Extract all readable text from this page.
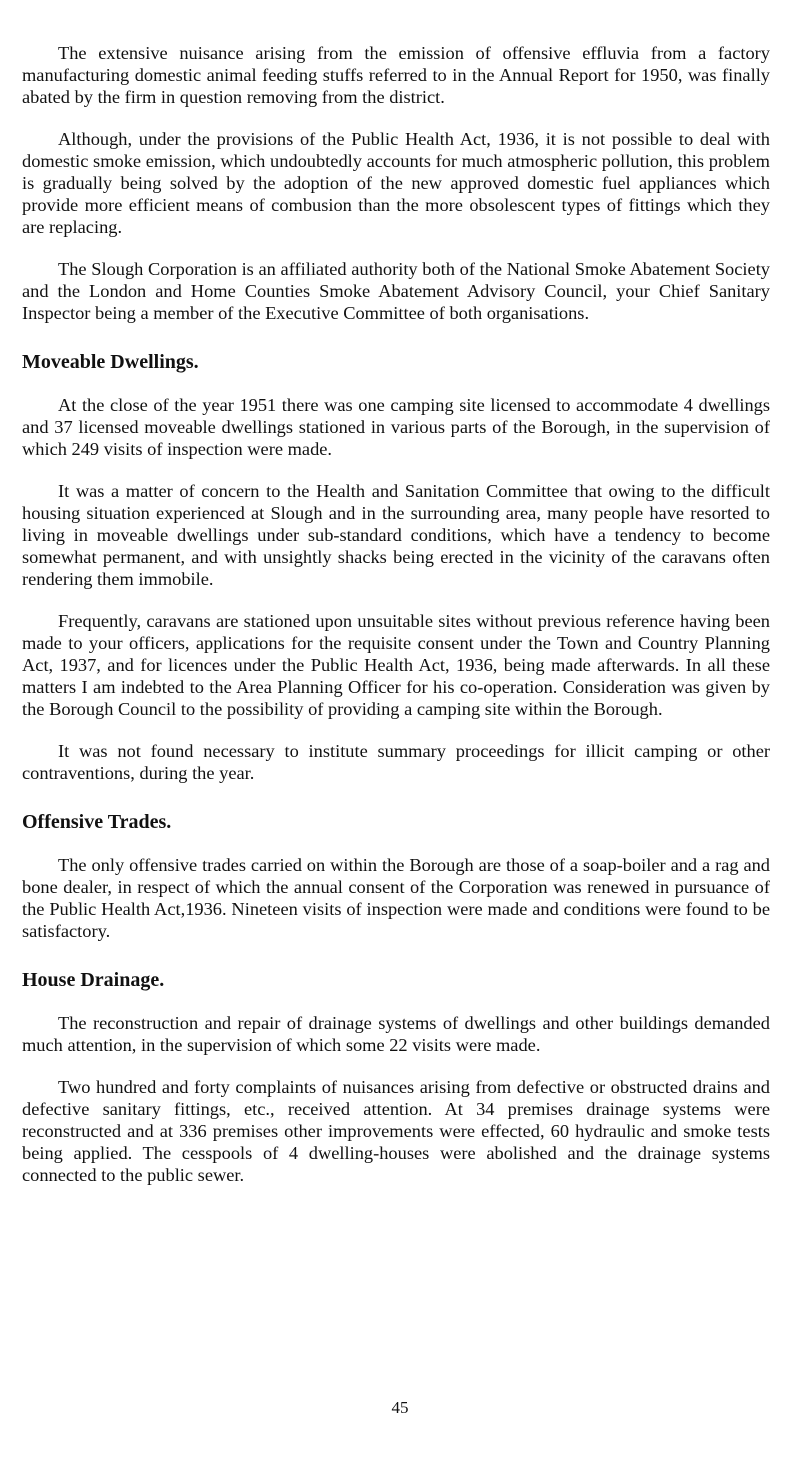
The extensive nuisance arising from the emission of offensive effluvia from a factory manufacturing domestic animal feeding stuffs referred to in the Annual Report for 1950, was finally abated by the firm in question removing from the district.

Although, under the provisions of the Public Health Act, 1936, it is not possible to deal with domestic smoke emission, which undoubtedly accounts for much atmospheric pollution, this problem is gradually being solved by the adoption of the new approved domestic fuel appliances which provide more efficient means of combusion than the more obsolescent types of fittings which they are replacing.

The Slough Corporation is an affiliated authority both of the National Smoke Abatement Society and the London and Home Counties Smoke Abatement Advisory Council, your Chief Sanitary Inspector being a member of the Executive Committee of both organisations.

Moveable Dwellings.

At the close of the year 1951 there was one camping site licensed to accommodate 4 dwellings and 37 licensed moveable dwellings stationed in various parts of the Borough, in the supervision of which 249 visits of inspection were made.

It was a matter of concern to the Health and Sanitation Committee that owing to the difficult housing situation experienced at Slough and in the surrounding area, many people have resorted to living in moveable dwellings under sub-standard conditions, which have a tendency to become somewhat permanent, and with unsightly shacks being erected in the vicinity of the caravans often rendering them immobile.

Frequently, caravans are stationed upon unsuitable sites without previous reference having been made to your officers, applications for the requisite consent under the Town and Country Planning Act, 1937, and for licences under the Public Health Act, 1936, being made afterwards. In all these matters I am indebted to the Area Planning Officer for his co-operation. Consideration was given by the Borough Council to the possibility of providing a camping site within the Borough.

It was not found necessary to institute summary proceedings for illicit camping or other contraventions, during the year.

Offensive Trades.

The only offensive trades carried on within the Borough are those of a soap-boiler and a rag and bone dealer, in respect of which the annual consent of the Corporation was renewed in pursuance of the Public Health Act,1936. Nineteen visits of inspection were made and conditions were found to be satisfactory.

House Drainage.

The reconstruction and repair of drainage systems of dwellings and other buildings demanded much attention, in the supervision of which some 22 visits were made.

Two hundred and forty complaints of nuisances arising from defective or obstructed drains and defective sanitary fittings, etc., received attention. At 34 premises drainage systems were reconstructed and at 336 premises other improvements were effected, 60 hydraulic and smoke tests being applied. The cesspools of 4 dwelling-houses were abolished and the drainage systems connected to the public sewer.

45
